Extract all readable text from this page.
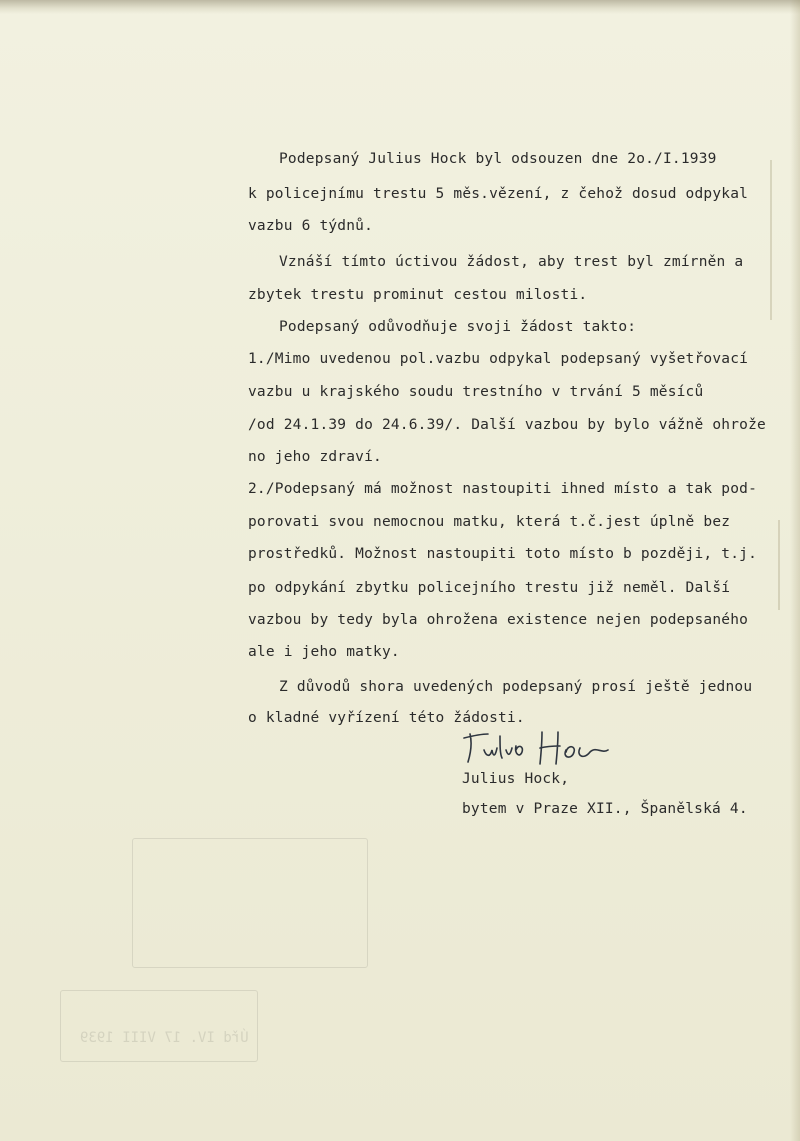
Podepsaný Julius Hock byl odsouzen dne 2o./I.1939
k policejnímu trestu 5 měs.vězení, z čehož dosud odpykal
vazbu 6 týdnů.
Vznáší tímto úctivou žádost, aby trest byl zmírněn a
zbytek trestu prominut cestou milosti.
Podepsaný odůvodňuje svoji žádost takto:
1./Mimo uvedenou pol.vazbu odpykal podepsaný vyšetřovací
vazbu u krajského soudu trestního v trvání 5 měsíců
/od 24.1.39 do 24.6.39/. Další vazbou by bylo vážně ohrože
no jeho zdraví.
2./Podepsaný má možnost nastoupiti ihned místo a tak pod-
porovati svou nemocnou matku, která t.č.jest úplně bez
prostředků. Možnost nastoupiti toto místo b později, t.j.
po odpykání zbytku policejního trestu již neměl. Další
vazbou by tedy byla ohrožena existence nejen podepsaného
ale i jeho matky.
Z důvodů shora uvedených podepsaný prosí ještě jednou
o kladné vyřízení této žádosti.
Julius Hock,
bytem v Praze XII., Španělská 4.
Úřd IV. 17 VIII 1939
